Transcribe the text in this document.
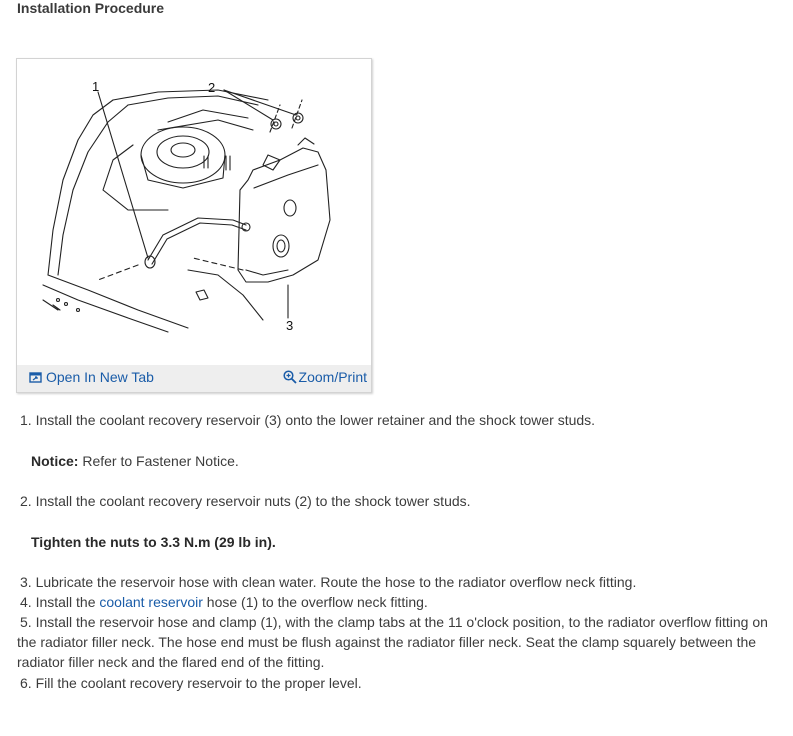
Installation Procedure
1	2
3
Open In New Tab	Zoom/Print
1. Install the coolant recovery reservoir (3) onto the lower retainer and the shock tower studs.
Notice: Refer to Fastener Notice.
2. Install the coolant recovery reservoir nuts (2) to the shock tower studs.
Tighten the nuts to 3.3 N.m (29 lb in).
3. Lubricate the reservoir hose with clean water. Route the hose to the radiator overflow neck fitting.
4. Install the coolant reservoir hose (1) to the overflow neck fitting.
5. Install the reservoir hose and clamp (1), with the clamp tabs at the 11 o'clock position, to the radiator overflow fitting on the radiator filler neck. The hose end must be flush against the radiator filler neck. Seat the clamp squarely between the radiator filler neck and the flared end of the fitting.
6. Fill the coolant recovery reservoir to the proper level.
